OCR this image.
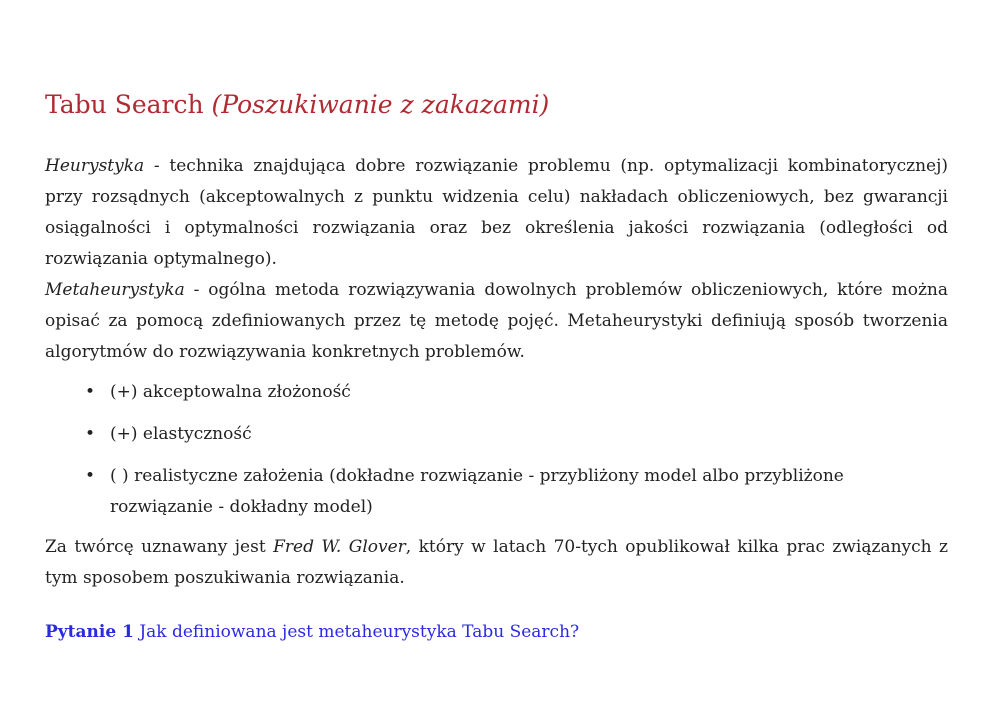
Tabu Search (Poszukiwanie z zakazami)

Heurystyka - technika znajdująca dobre rozwiązanie problemu (np. optymalizacji kombinatorycznej) przy rozsądnych (akceptowalnych z punktu widzenia celu) nakładach obliczeniowych, bez gwarancji osiągalności i optymalności rozwiązania oraz bez określenia jakości rozwiązania (odległości od rozwiązania optymalnego).

Metaheurystyka - ogólna metoda rozwiązywania dowolnych problemów obliczeniowych, które można opisać za pomocą zdefiniowanych przez tę metodę pojęć. Metaheurystyki definiują sposób tworzenia algorytmów do rozwiązywania konkretnych problemów.

• (+) akceptowalna złożoność
• (+) elastyczność
• ( ) realistyczne założenia (dokładne rozwiązanie - przybliżony model albo przybliżone rozwiązanie - dokładny model)

Za twórcę uznawany jest Fred W. Glover, który w latach 70-tych opublikował kilka prac związanych z tym sposobem poszukiwania rozwiązania.

Pytanie 1 Jak definiowana jest metaheurystyka Tabu Search?
